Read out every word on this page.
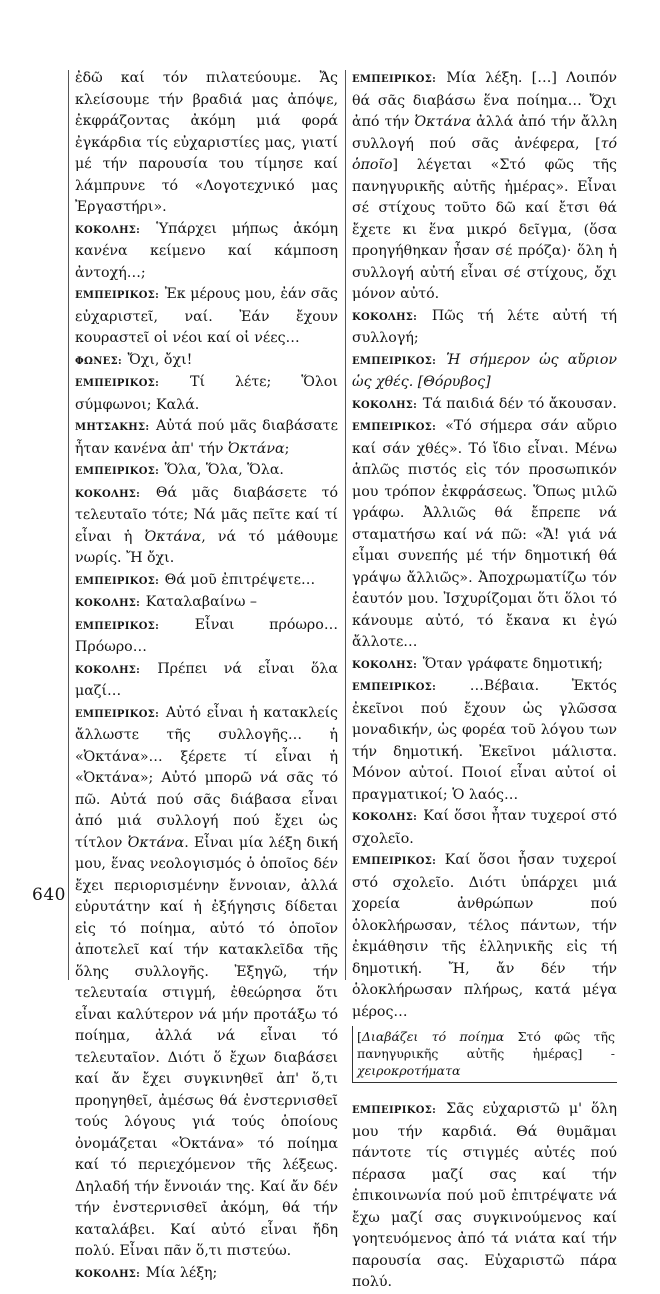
640

ἐδῶ καί τόν πιλατεύουμε. Ἄς κλείσουμε τήν βραδιά μας ἀπόψε, ἐκφράζοντας ἀκόμη μιά φορά ἐγκάρδια τίς εὐχαριστίες μας, γιατί μέ τήν παρουσία του τίμησε καί λάμπρυνε τό «Λογοτεχνικό μας Ἐργαστήρι».

ΚΟΚΟΛΗΣ: Ὑπάρχει μήπως ἀκόμη κανένα κείμενο καί κάμποση ἀντοχή…;

ΕΜΠΕΙΡΙΚΟΣ: Ἐκ μέρους μου, ἐάν σᾶς εὐχαριστεῖ, ναί. Ἐάν ἔχουν κουραστεῖ οἱ νέοι καί οἱ νέες…

ΦΩΝΕΣ: Ὄχι, ὄχι!

ΕΜΠΕΙΡΙΚΟΣ: Τί λέτε; Ὅλοι σύμφωνοι; Καλά.

ΜΗΤΣΑΚΗΣ: Αὐτά πού μᾶς διαβάσατε ἦταν κανένα ἀπ' τήν Ὀκτάνα;

ΕΜΠΕΙΡΙΚΟΣ: Ὅλα, Ὅλα, Ὅλα.

ΚΟΚΟΛΗΣ: Θά μᾶς διαβάσετε τό τελευταῖο τότε; Νά μᾶς πεῖτε καί τί εἶναι ἡ Ὀκτάνα, νά τό μάθουμε νωρίς. Ἤ ὄχι.

ΕΜΠΕΙΡΙΚΟΣ: Θά μοῦ ἐπιτρέψετε…

ΚΟΚΟΛΗΣ: Καταλαβαίνω –

ΕΜΠΕΙΡΙΚΟΣ:	Εἶναι πρόωρο… Πρόωρο…

ΚΟΚΟΛΗΣ: Πρέπει νά εἶναι ὅλα μαζί…

ΕΜΠΕΙΡΙΚΟΣ: Αὐτό εἶναι ἡ κατακλείς ἄλλωστε τῆς συλλογῆς… ἡ «Ὀκτάνα»… ξέρετε τί εἶναι ἡ «Ὀκτάνα»; Αὐτό μπορῶ νά σᾶς τό πῶ. Αὐτά πού σᾶς διάβασα εἶναι ἀπό μιά συλλογή πού ἔχει ὡς τίτλον Ὀκτάνα. Εἶναι μία λέξη δική μου, ἕνας νεολογισμός ὁ ὁποῖος δέν ἔχει περιορισμένην ἔννοιαν, ἀλλά εὐρυτάτην καί ἡ ἐξήγησις δίδεται εἰς τό ποίημα, αὐτό τό ὁποῖον ἀποτελεῖ καί τήν κατακλεῖδα τῆς ὅλης συλλογῆς. Ἐξηγῶ, τήν τελευταία στιγμή, ἐθεώρησα ὅτι εἶναι καλύτερον νά μήν προτάξω τό ποίημα, ἀλλά νά εἶναι τό τελευταῖον. Διότι ὅ ἔχων διαβάσει καί ἄν ἔχει συγκινηθεῖ ἀπ' ὅ,τι προηγηθεῖ, ἀμέσως θά ἐνστερνισθεῖ τούς λόγους γιά τούς ὁποίους ὀνομάζεται «Ὀκτάνα» τό ποίημα καί τό περιεχόμενον τῆς λέξεως. Δηλαδή τήν ἔννοιάν της. Καί ἄν δέν τήν ἐνστερνισθεῖ ἀκόμη, θά τήν καταλάβει. Καί αὐτό εἶναι ἤδη πολύ. Εἶναι πᾶν ὅ,τι πιστεύω.

ΚΟΚΟΛΗΣ: Μία λέξη;

ΕΜΠΕΙΡΙΚΟΣ: Μία λέξη. […] Λοιπόν θά σᾶς διαβάσω ἕνα ποίημα… Ὄχι ἀπό τήν Ὀκτάνα ἀλλά ἀπό τήν ἄλλη συλλογή πού σᾶς ἀνέφερα, [τό ὁποῖο] λέγεται «Στό φῶς τῆς πανηγυρικῆς αὐτῆς ἡμέρας». Εἶναι σέ στίχους τοῦτο δῶ καί ἔτσι θά ἔχετε κι ἕνα μικρό δεῖγμα, (ὅσα προηγήθηκαν ἦσαν σέ πρόζα)· ὅλη ἡ συλλογή αὐτή εἶναι σέ στίχους, ὄχι μόνον αὐτό.

ΚΟΚΟΛΗΣ: Πῶς τή λέτε αὐτή τή συλλογή;

ΕΜΠΕΙΡΙΚΟΣ: Ἡ σήμερον ὡς αὔριον ὡς χθές. [Θόρυβος]

ΚΟΚΟΛΗΣ: Τά παιδιά δέν τό ἄκουσαν.

ΕΜΠΕΙΡΙΚΟΣ: «Τό σήμερα σάν αὔριο καί σάν χθές». Τό ἴδιο εἶναι. Μένω ἁπλῶς πιστός εἰς τόν προσωπικόν μου τρόπον ἐκφράσεως. Ὅπως μιλῶ γράφω. Ἀλλιῶς θά ἔπρεπε νά σταματήσω καί νά πῶ: «Ἄ! γιά νά εἶμαι συνεπής μέ τήν δημοτική θά γράψω ἄλλιῶς». Ἀποχρωματίζω τόν ἑαυτόν μου. Ἰσχυρίζομαι ὅτι ὅλοι τό κάνουμε αὐτό, τό ἔκανα κι ἐγώ ἄλλοτε…

ΚΟΚΟΛΗΣ: Ὅταν γράφατε δημοτική;

ΕΜΠΕΙΡΙΚΟΣ: …Βέβαια. Ἐκτός ἐκεῖνοι πού ἔχουν ὡς γλῶσσα μοναδικήν, ὡς φορέα τοῦ λόγου των τήν δημοτική. Ἐκεῖνοι μάλιστα. Μόνον αὐτοί. Ποιοί εἶναι αὐτοί οἱ πραγματικοί; Ὁ λαός…

ΚΟΚΟΛΗΣ: Καί ὅσοι ἦταν τυχεροί στό σχολεῖο.

ΕΜΠΕΙΡΙΚΟΣ: Καί ὅσοι ἦσαν τυχεροί στό σχολεῖο. Διότι ὑπάρχει μιά χορεία ἀνθρώπων πού ὁλοκλήρωσαν, τέλος πάντων, τήν ἐκμάθησιν τῆς ἑλληνικῆς εἰς τή δημοτική. Ἤ, ἄν δέν τήν ὁλοκλήρωσαν πλήρως, κατά μέγα μέρος…

[Διαβάζει τό ποίημα Στό φῶς τῆς πανηγυρικῆς αὐτῆς ἡμέρας] - χειροκροτήματα

ΕΜΠΕΙΡΙΚΟΣ: Σᾶς εὐχαριστῶ μ' ὅλη μου τήν καρδιά. Θά θυμᾶμαι πάντοτε τίς στιγμές αὐτές πού πέρασα μαζί σας καί τήν ἐπικοινωνία πού μοῦ ἐπιτρέψατε νά ἔχω μαζί σας συγκινούμενος καί γοητευόμενος ἀπό τά νιάτα καί τήν παρουσία σας. Εὐχαριστῶ πάρα πολύ.
